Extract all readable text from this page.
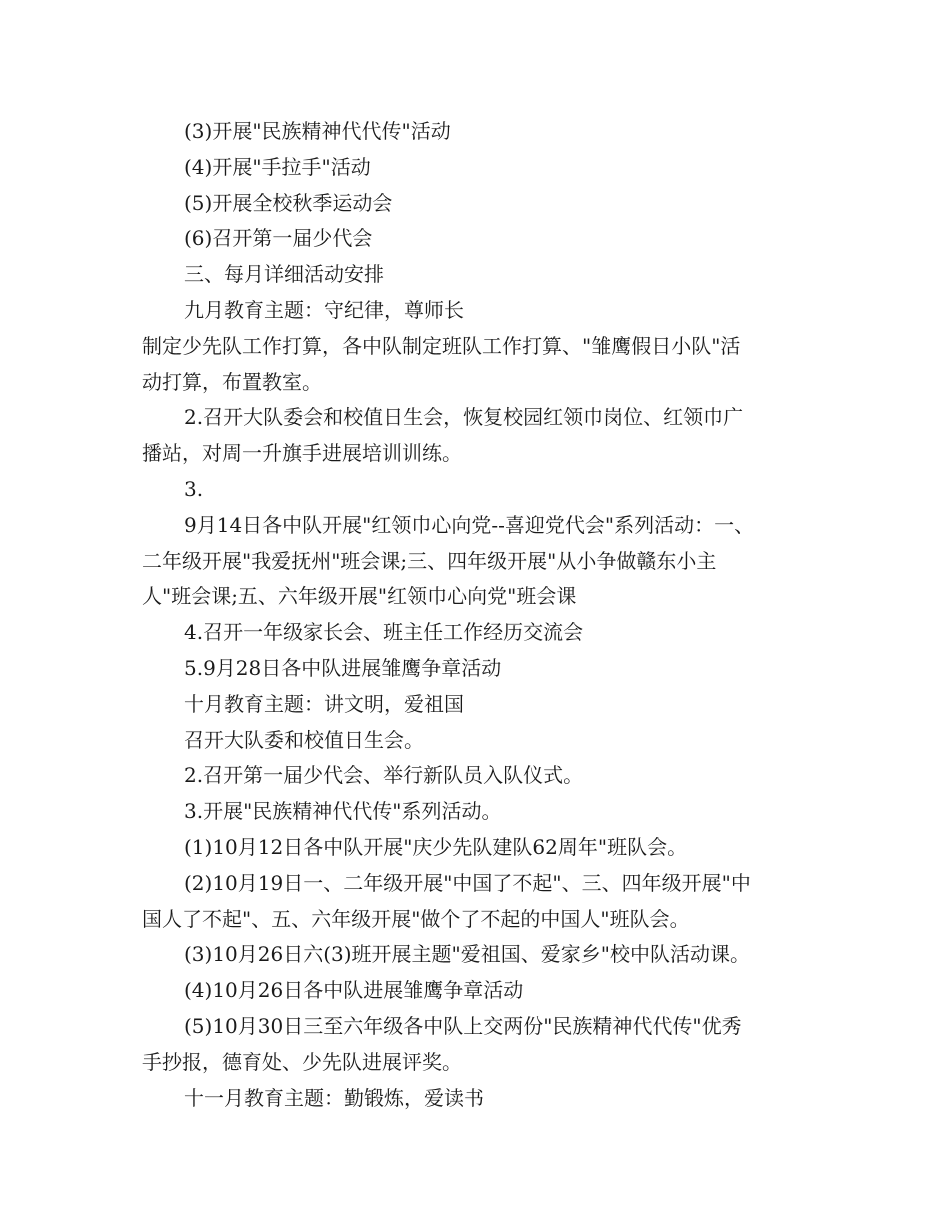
(3)开展"民族精神代代传"活动
(4)开展"手拉手"活动
(5)开展全校秋季运动会
(6)召开第一届少代会
三、每月详细活动安排
九月教育主题：守纪律，尊师长
制定少先队工作打算，各中队制定班队工作打算、"雏鹰假日小队"活
动打算，布置教室。
2.召开大队委会和校值日生会，恢复校园红领巾岗位、红领巾广
播站，对周一升旗手进展培训训练。
3.
9月14日各中队开展"红领巾心向党--喜迎党代会"系列活动：一、
二年级开展"我爱抚州"班会课;三、四年级开展"从小争做赣东小主
人"班会课;五、六年级开展"红领巾心向党"班会课
4.召开一年级家长会、班主任工作经历交流会
5.9月28日各中队进展雏鹰争章活动
十月教育主题：讲文明，爱祖国
召开大队委和校值日生会。
2.召开第一届少代会、举行新队员入队仪式。
3.开展"民族精神代代传"系列活动。
(1)10月12日各中队开展"庆少先队建队62周年"班队会。
(2)10月19日一、二年级开展"中国了不起"、三、四年级开展"中
国人了不起"、五、六年级开展"做个了不起的中国人"班队会。
(3)10月26日六(3)班开展主题"爱祖国、爱家乡"校中队活动课。
(4)10月26日各中队进展雏鹰争章活动
(5)10月30日三至六年级各中队上交两份"民族精神代代传"优秀
手抄报，德育处、少先队进展评奖。
十一月教育主题：勤锻炼，爱读书
